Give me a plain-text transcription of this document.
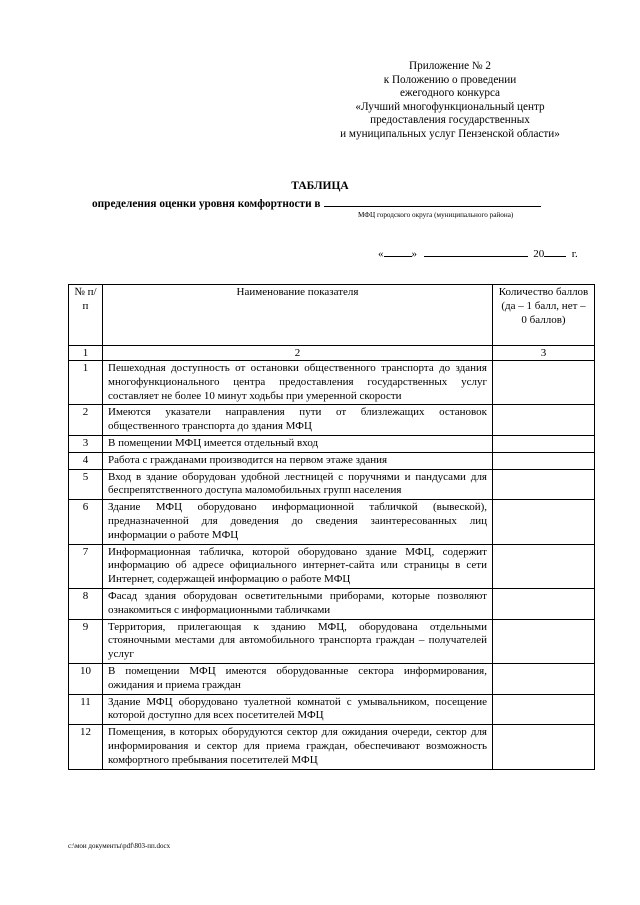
Приложение № 2
к Положению о проведении
ежегодного конкурса
«Лучший многофункциональный центр
предоставления государственных
и муниципальных услуг Пензенской области»
ТАБЛИЦА
определения оценки уровня комфортности в
МФЦ городского округа (муниципального района)
«	»	20	г.
№ п/п	Наименование показателя	Количество баллов (да – 1 балл, нет – 0 баллов)
1	2	3
1	Пешеходная доступность от остановки общественного транспорта до здания многофункционального центра предоставления государственных услуг составляет не более 10 минут ходьбы при умеренной скорости	
2	Имеются указатели направления пути от близлежащих остановок общественного транспорта до здания МФЦ	
3	В помещении МФЦ имеется отдельный вход	
4	Работа с гражданами производится на первом этаже здания	
5	Вход в здание оборудован удобной лестницей с поручнями и пандусами для беспрепятственного доступа маломобильных групп населения	
6	Здание МФЦ оборудовано информационной табличкой (вывеской), предназначенной для доведения до сведения заинтересованных лиц информации о работе МФЦ	
7	Информационная табличка, которой оборудовано здание МФЦ, содержит информацию об адресе официального интернет-сайта или страницы в сети Интернет, содержащей информацию о работе МФЦ	
8	Фасад здания оборудован осветительными приборами, которые позволяют ознакомиться с информационными табличками	
9	Территория, прилегающая к зданию МФЦ, оборудована отдельными стояночными местами для автомобильного транспорта граждан – получателей услуг	
10	В помещении МФЦ имеются оборудованные сектора информирования, ожидания и приема граждан	
11	Здание МФЦ оборудовано туалетной комнатой с умывальником, посещение которой доступно для всех посетителей МФЦ	
12	Помещения, в которых оборудуются сектор для ожидания очереди, сектор для информирования и сектор для приема граждан, обеспечивают возможность комфортного пребывания посетителей МФЦ	
c:\мои документы\pdf\803-пп.docx
